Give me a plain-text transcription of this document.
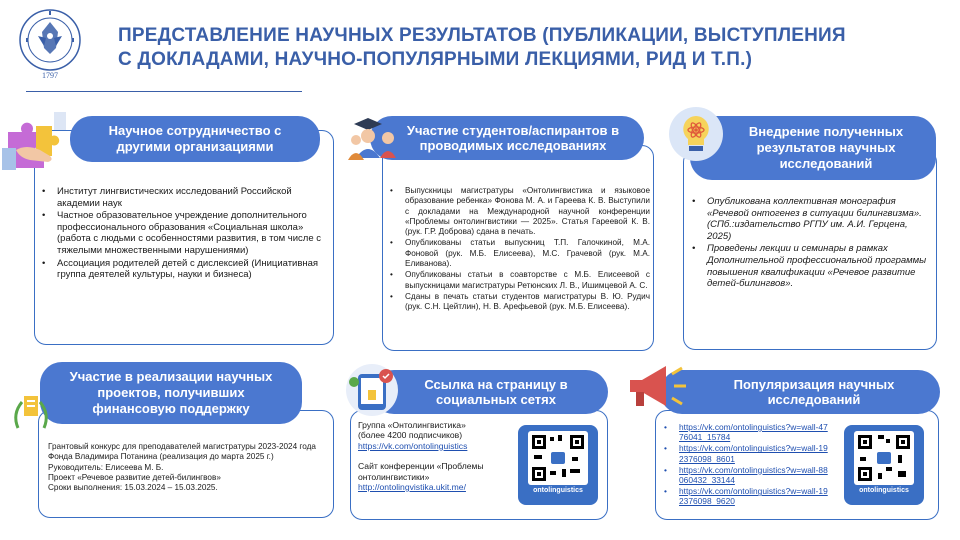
1797
ПРЕДСТАВЛЕНИЕ НАУЧНЫХ РЕЗУЛЬТАТОВ (ПУБЛИКАЦИИ, ВЫСТУПЛЕНИЯ
С ДОКЛАДАМИ, НАУЧНО-ПОПУЛЯРНЫМИ ЛЕКЦИЯМИ, РИД И Т.П.)
Научное сотрудничество с другими организациями
• Институт лингвистических исследований Российской академии наук
• Частное образовательное учреждение дополнительного профессионального образования «Социальная школа» (работа с людьми с особенностями развития, в том числе с тяжелыми множественными нарушениями)
• Ассоциация родителей детей с дислексией (Инициативная группа деятелей культуры, науки и бизнеса)
Участие студентов/аспирантов в проводимых исследованиях
• Выпускницы магистратуры «Онтолингвистика и языковое образование ребенка» Фонова М. А. и Гареева К. В. Выступили с докладами на Международной научной конференции «Проблемы онтолингвистики — 2025». Статья Гареевой К. В. (рук. Г.Р. Доброва) сдана в печать.
• Опубликованы статьи выпускниц Т.П. Галочкиной, М.А. Фоновой (рук. М.Б. Елисеева), М.С. Грачевой (рук. М.А. Еливанова).
• Опубликованы статьи в соавторстве с М.Б. Елисеевой с выпускницами магистратуры Ретюнских Л. В., Ишимцевой А. С.
• Сданы в печать статьи студентов магистратуры В. Ю. Рудич (рук. С.Н. Цейтлин), Н. В. Арефьевой (рук. М.Б. Елисеева).
Внедрение полученных результатов научных исследований
• Опубликована коллективная монография «Речевой онтогенез в ситуации билингвизма». (СПб.:издательство РГПУ им. А.И. Герцена, 2025)
• Проведены лекции и семинары в рамках Дополнительной профессиональной программы повышения квалификации «Речевое развитие детей-билингвов».
Участие в реализации научных проектов, получивших финансовую поддержку
Грантовый конкурс для преподавателей магистратуры 2023-2024 года Фонда Владимира Потанина (реализация до марта 2025 г.)
Руководитель: Елисеева М. Б.
Проект «Речевое развитие детей-билингвов»
Сроки выполнения: 15.03.2024 – 15.03.2025.
Ссылка на страницу в социальных сетях
Группа «Онтолингвистика»
(более 4200 подписчиков)
https://vk.com/ontolinguistics
Сайт конференции «Проблемы онтолингвистики»
http://ontolingvistika.ukit.me/	ontolinguistics
Популяризация научных исследований
• https://vk.com/ontolinguistics?w=wall-4776041_15784
• https://vk.com/ontolinguistics?w=wall-192376098_8601
• https://vk.com/ontolinguistics?w=wall-88060432_33144
• https://vk.com/ontolinguistics?w=wall-192376098_9620
ontolinguistics
